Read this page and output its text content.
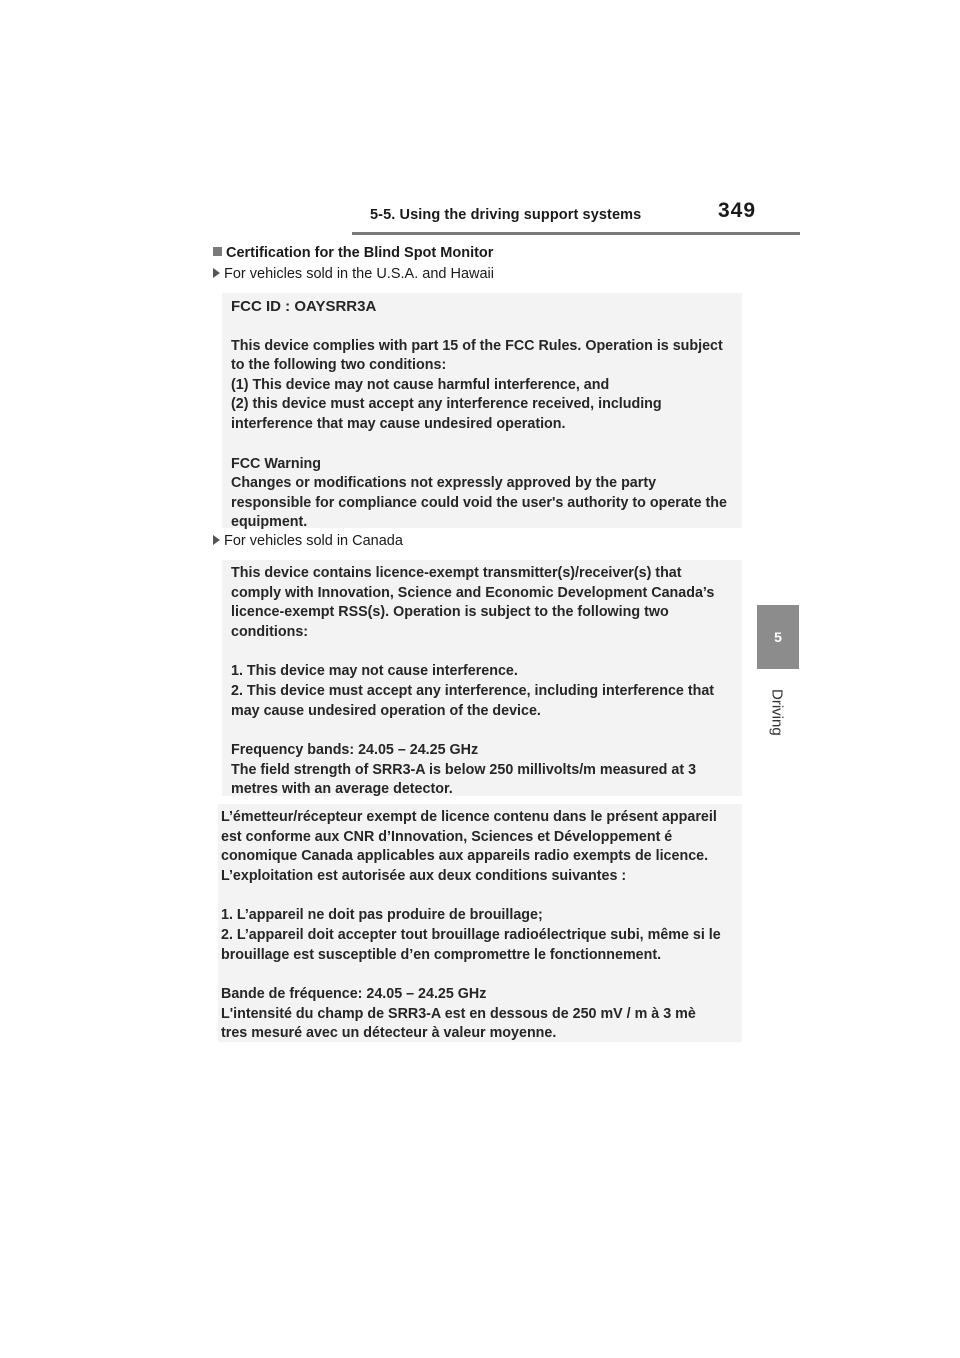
5-5. Using the driving support systems	349
5
Driving
Certification for the Blind Spot Monitor
For vehicles sold in the U.S.A. and Hawaii

FCC ID : OAYSRR3A

This device complies with part 15 of the FCC Rules. Operation is subject

to the following two conditions:

(1) This device may not cause harmful interference, and

(2) this device must accept any interference received, including

interference that may cause undesired operation.

FCC Warning

Changes or modifications not expressly approved by the party

responsible for compliance could void the user's authority to operate the

equipment.

For vehicles sold in Canada

This device contains licence-exempt transmitter(s)/receiver(s) that

comply with Innovation, Science and Economic Development Canada’s

licence-exempt RSS(s). Operation is subject to the following two

conditions:

1. This device may not cause interference.

2. This device must accept any interference, including interference that

may cause undesired operation of the device.

Frequency bands: 24.05 – 24.25 GHz

The field strength of SRR3-A is below 250 millivolts/m measured at 3

metres with an average detector.

L’émetteur/récepteur exempt de licence contenu dans le présent appareil

est conforme aux CNR d’Innovation, Sciences et Développement é

conomique Canada applicables aux appareils radio exempts de licence.

L’exploitation est autorisée aux deux conditions suivantes :

1. L’appareil ne doit pas produire de brouillage;

2. L’appareil doit accepter tout brouillage radioélectrique subi, même si le

brouillage est susceptible d’en compromettre le fonctionnement.

Bande de fréquence: 24.05 – 24.25 GHz

L'intensité du champ de SRR3-A est en dessous de 250 mV / m à 3 mè

tres mesuré avec un détecteur à valeur moyenne.
